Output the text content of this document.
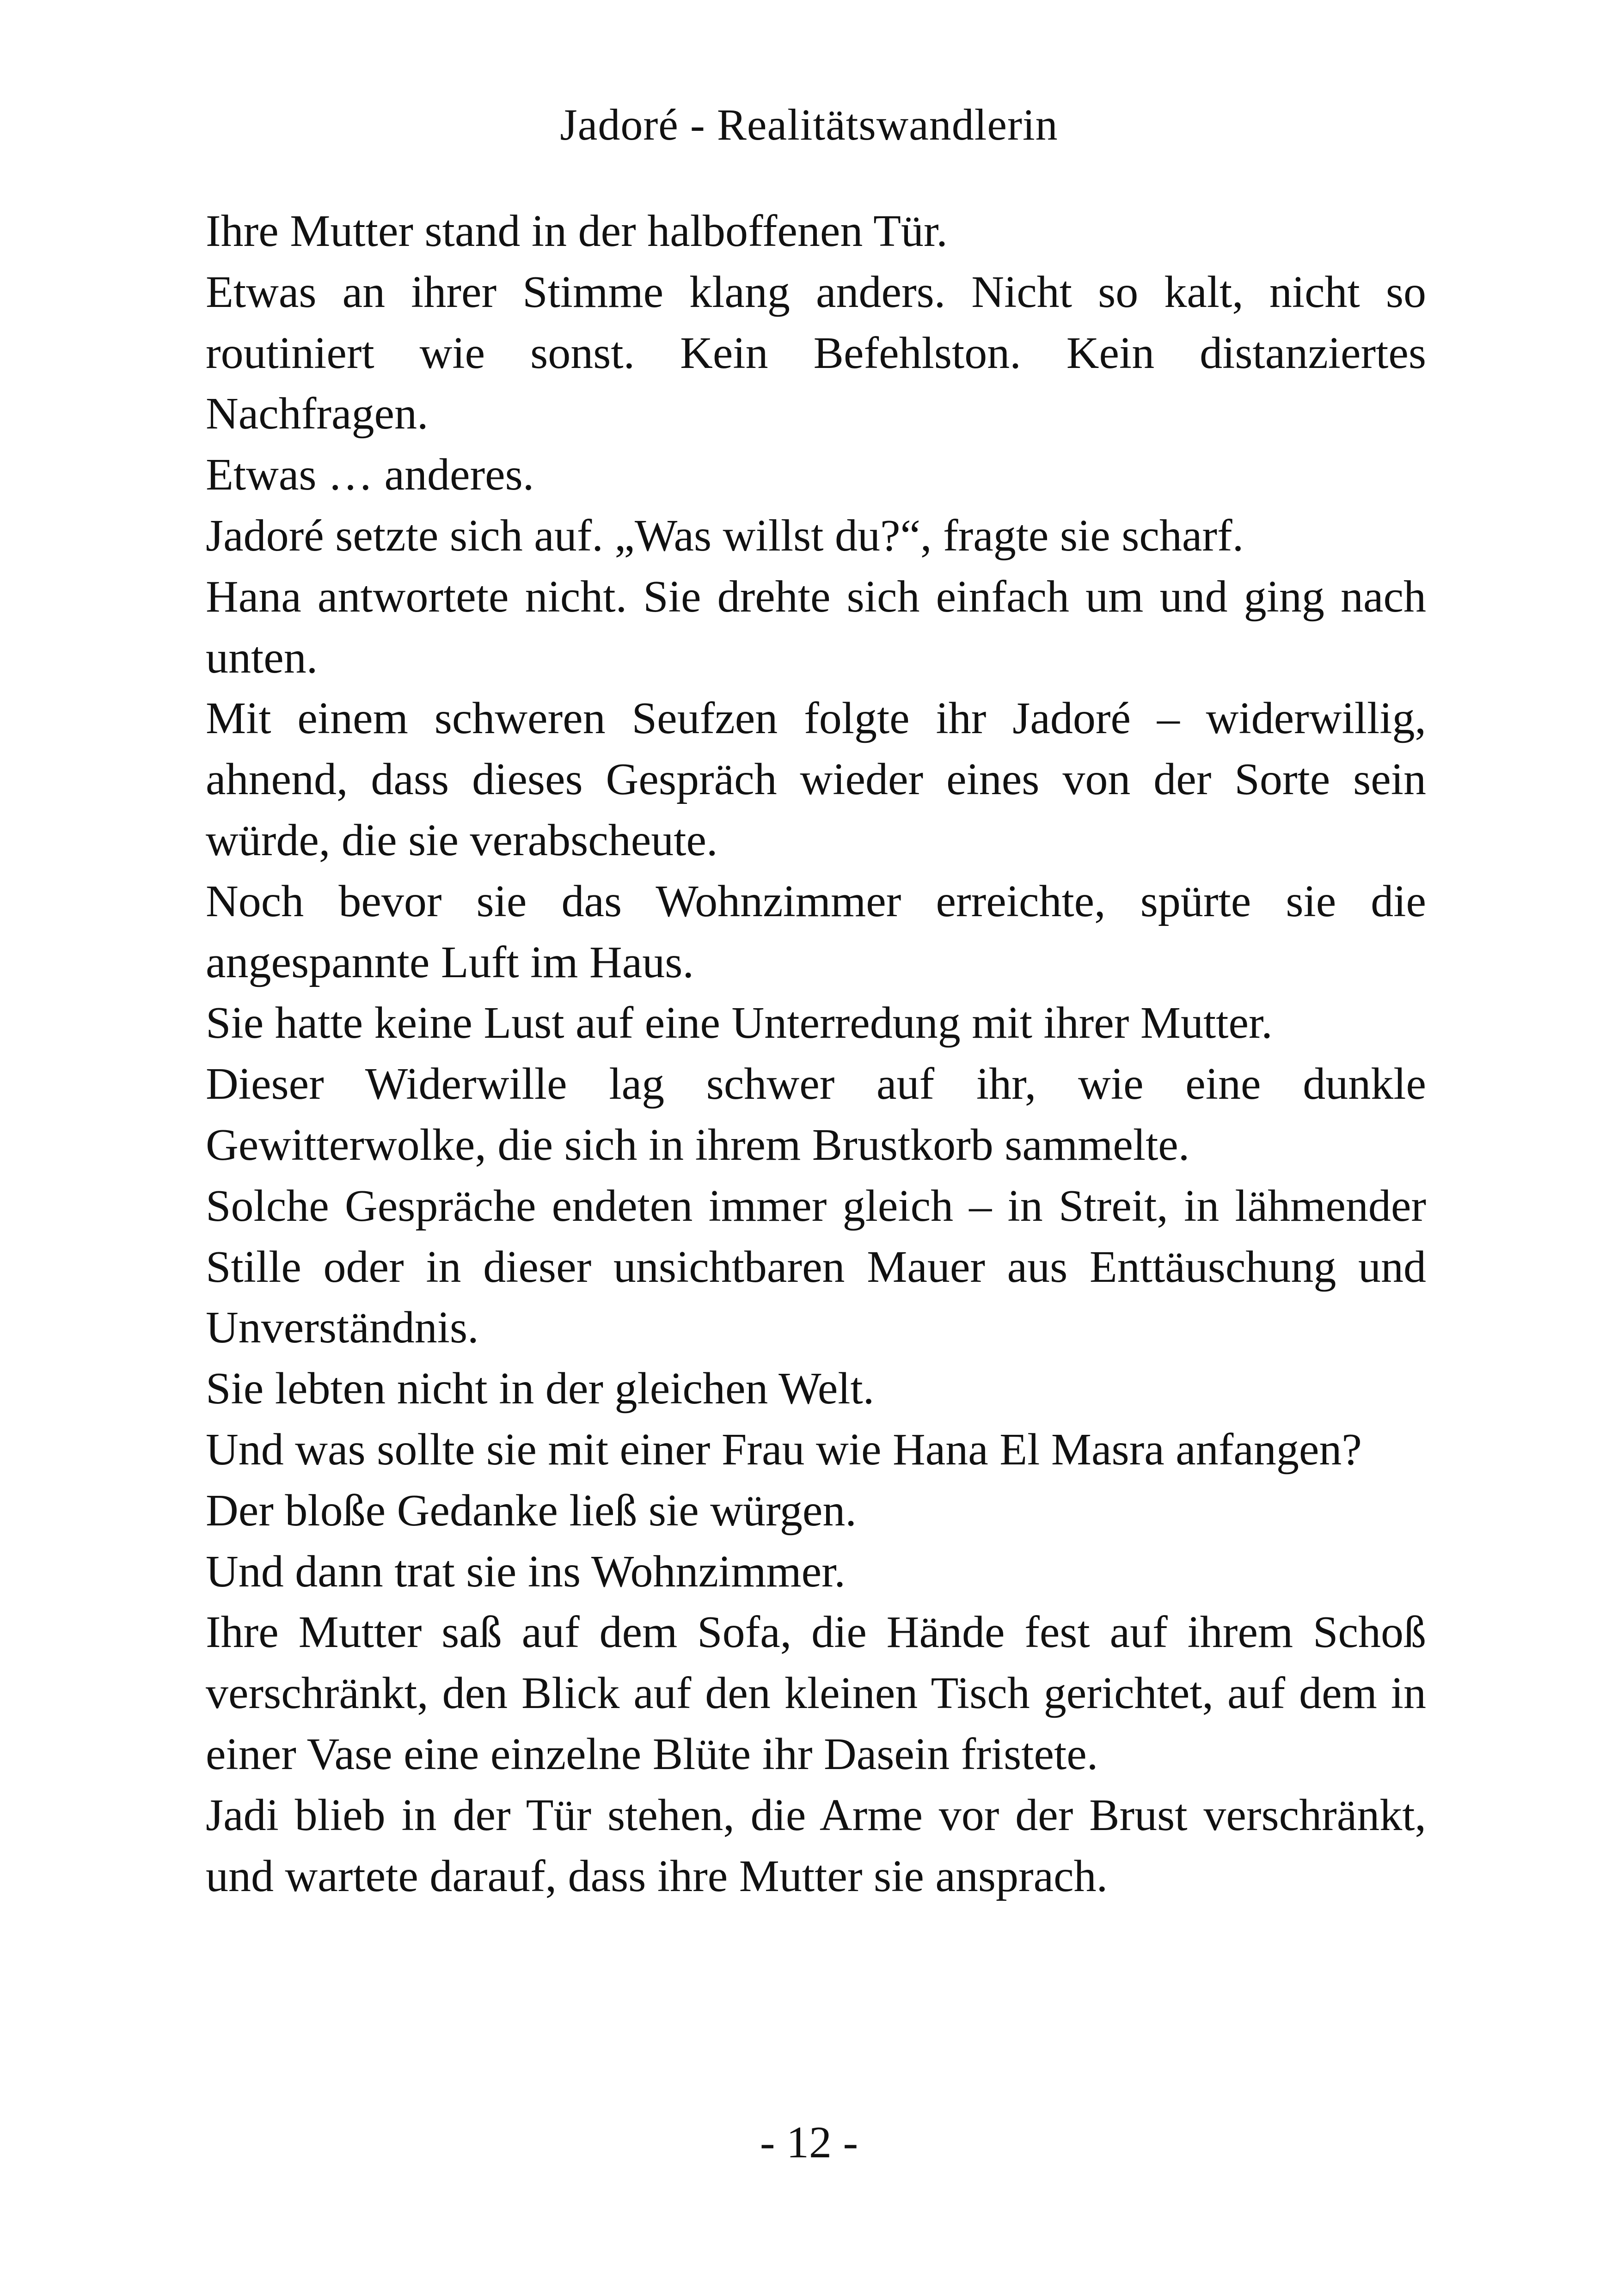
Jadoré - Realitätswandlerin

Ihre Mutter stand in der halboffenen Tür.

Etwas an ihrer Stimme klang anders. Nicht so kalt, nicht so routiniert wie sonst. Kein Befehlston. Kein distanziertes Nachfragen.

Etwas … anderes.

Jadoré setzte sich auf. „Was willst du?“, fragte sie scharf.

Hana antwortete nicht. Sie drehte sich einfach um und ging nach unten.

Mit einem schweren Seufzen folgte ihr Jadoré – widerwillig, ahnend, dass dieses Gespräch wieder eines von der Sorte sein würde, die sie verabscheute.

Noch bevor sie das Wohnzimmer erreichte, spürte sie die angespannte Luft im Haus.

Sie hatte keine Lust auf eine Unterredung mit ihrer Mutter.

Dieser Widerwille lag schwer auf ihr, wie eine dunkle Gewitterwolke, die sich in ihrem Brustkorb sammelte.

Solche Gespräche endeten immer gleich – in Streit, in lähmender Stille oder in dieser unsichtbaren Mauer aus Enttäuschung und Unverständnis.

Sie lebten nicht in der gleichen Welt.

Und was sollte sie mit einer Frau wie Hana El Masra anfangen?

Der bloße Gedanke ließ sie würgen.

Und dann trat sie ins Wohnzimmer.

Ihre Mutter saß auf dem Sofa, die Hände fest auf ihrem Schoß verschränkt, den Blick auf den kleinen Tisch gerichtet, auf dem in einer Vase eine einzelne Blüte ihr Dasein fristete.

Jadi blieb in der Tür stehen, die Arme vor der Brust verschränkt, und wartete darauf, dass ihre Mutter sie ansprach.

- 12 -
